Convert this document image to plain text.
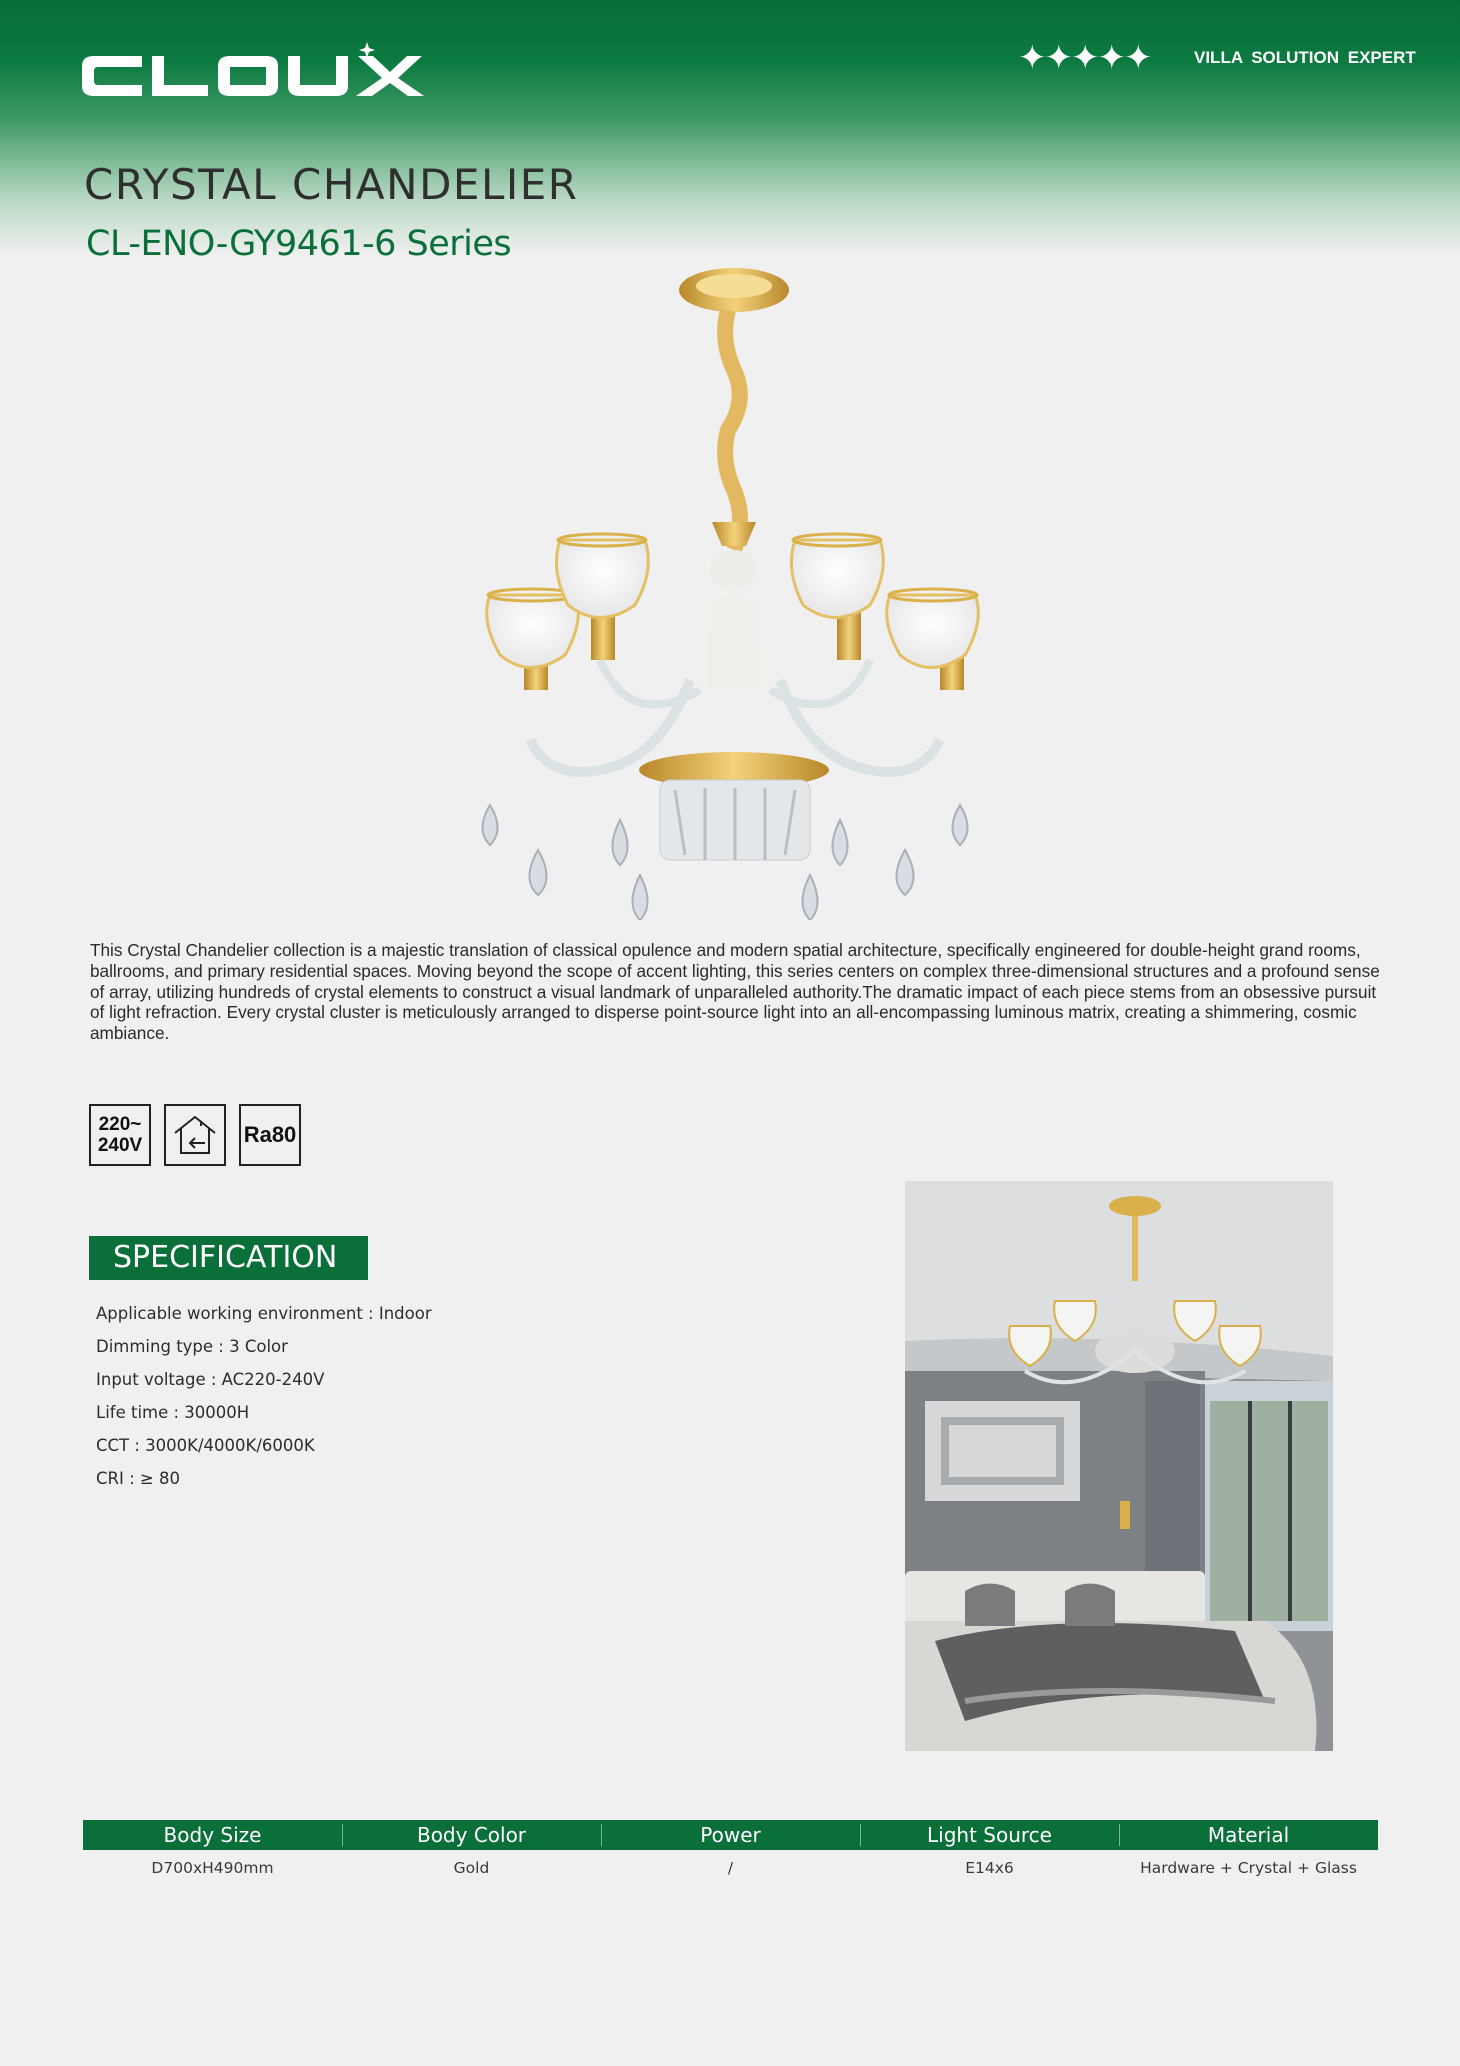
✦✦✦✦✦	VILLA SOLUTION EXPERT
CRYSTAL CHANDELIER
CL-ENO-GY9461-6 Series

This Crystal Chandelier collection is a majestic translation of classical opulence and modern spatial architecture, specifically engineered for double-height grand rooms, ballrooms, and primary residential spaces. Moving beyond the scope of accent lighting, this series centers on complex three-dimensional structures and a profound sense of array, utilizing hundreds of crystal elements to construct a visual landmark of unparalleled authority.The dramatic impact of each piece stems from an obsessive pursuit of light refraction. Every crystal cluster is meticulously arranged to disperse point-source light into an all-encompassing luminous matrix, creating a shimmering, cosmic ambiance.

220~
240V	Ra80
SPECIFICATION
Applicable working environment : Indoor
Dimming type : 3 Color
Input voltage : AC220-240V
Life time : 30000H
CCT : 3000K/4000K/6000K
CRI : ≥ 80
Body Size	Body Color	Power	Light Source	Material
D700xH490mm	Gold	/	E14x6	Hardware + Crystal + Glass
